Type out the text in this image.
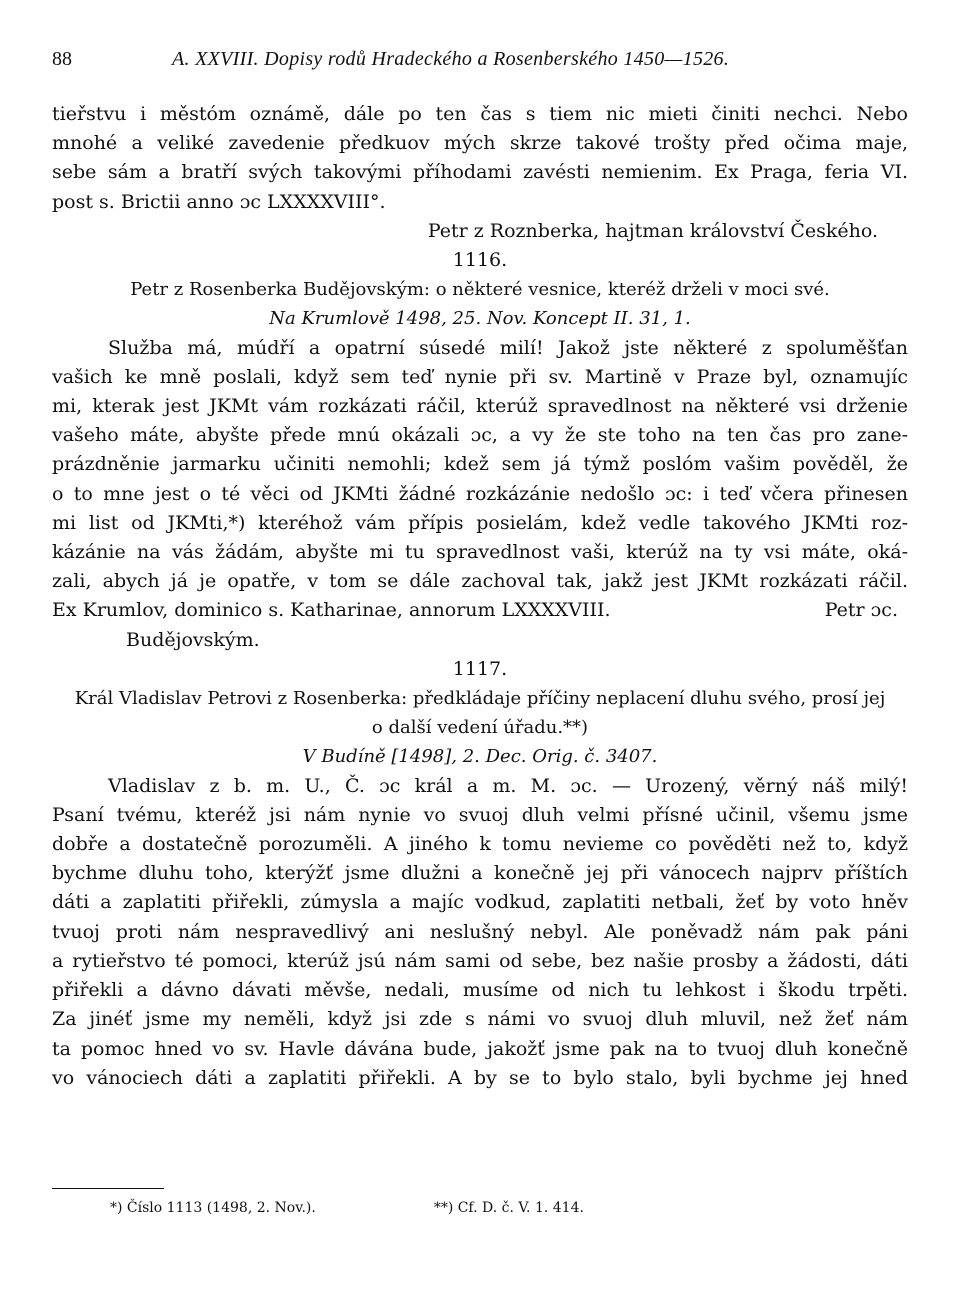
88	A. XXVIII. Dopisy rodů Hradeckého a Rosenberského 1450—1526.

tieřstvu i městóm oznámě, dále po ten čas s tiem nic mieti činiti nechci. Nebo

mnohé a veliké zavedenie předkuov mých skrze takové trošty před očima maje,

sebe sám a bratří svých takovými příhodami zavésti nemienim. Ex Praga, feria VI.

post s. Brictii anno ɔc LXXXXVIII°.

Petr z Roznberka, hajtman království Českého.

1116.

Petr z Rosenberka Budějovským: o některé vesnice, kteréž drželi v moci své.

Na Krumlově 1498, 25. Nov. Koncept II. 31, 1.

Služba má, múdří a opatrní súsedé milí! Jakož jste některé z spoluměšťan

vašich ke mně poslali, když sem teď nynie při sv. Martině v Praze byl, oznamujíc

mi, kterak jest JKMt vám rozkázati ráčil, kterúž spravedlnost na některé vsi drženie

vašeho máte, abyšte přede mnú okázali ɔc, a vy že ste toho na ten čas pro zane-

prázdněnie jarmarku učiniti nemohli; kdež sem já týmž poslóm vašim pověděl, že

o to mne jest o té věci od JKMti žádné rozkázánie nedošlo ɔc: i teď včera přinesen

mi list od JKMti,*) kteréhož vám přípis posielám, kdež vedle takového JKMti roz-

kázánie na vás žádám, abyšte mi tu spravedlnost vaši, kterúž na ty vsi máte, oká-

zali, abych já je opatře, v tom se dále zachoval tak, jakž jest JKMt rozkázati ráčil.

Ex Krumlov, dominico s. Katharinae, annorum LXXXXVIII.	Petr ɔc.

Budějovským.

1117.

Král Vladislav Petrovi z Rosenberka: předkládaje příčiny neplacení dluhu svého, prosí jej

o další vedení úřadu.**)

V Budíně [1498], 2. Dec. Orig. č. 3407.

Vladislav z b. m. U., Č. ɔc král a m. M. ɔc. — Urozený, věrný náš milý!

Psaní tvému, kteréž jsi nám nynie vo svuoj dluh velmi přísné učinil, všemu jsme

dobře a dostatečně porozuměli. A jiného k tomu nevieme co pověděti než to, když

bychme dluhu toho, kterýžť jsme dlužni a konečně jej při vánocech najprv příštích

dáti a zaplatiti přiřekli, zúmysla a majíc vodkud, zaplatiti netbali, žeť by voto hněv

tvuoj proti nám nespravedlivý ani neslušný nebyl. Ale poněvadž nám pak páni

a rytieřstvo té pomoci, kterúž jsú nám sami od sebe, bez našie prosby a žádosti, dáti

přiřekli a dávno dávati měvše, nedali, musíme od nich tu lehkost i škodu trpěti.

Za jinéť jsme my neměli, když jsi zde s námi vo svuoj dluh mluvil, než žeť nám

ta pomoc hned vo sv. Havle dávána bude, jakožť jsme pak na to tvuoj dluh konečně

vo vánociech dáti a zaplatiti přiřekli. A by se to bylo stalo, byli bychme jej hned

*) Číslo 1113 (1498, 2. Nov.).	**) Cf. D. č. V. 1. 414.
